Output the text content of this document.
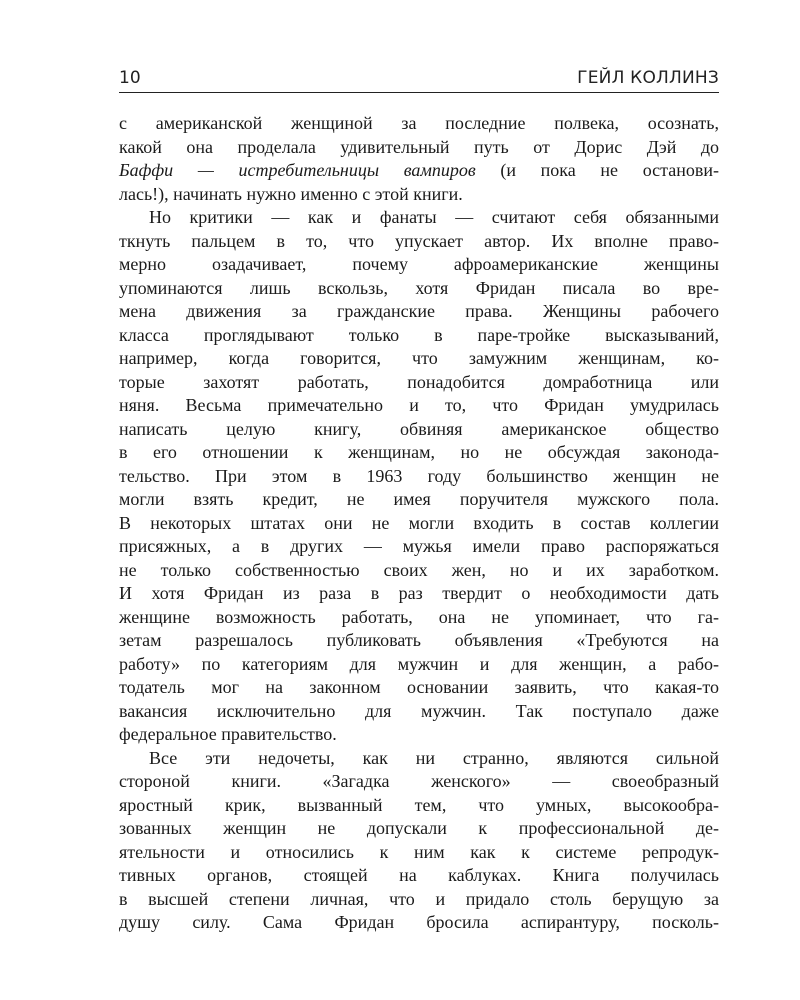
10	ГЕЙЛ КОЛЛИНЗ

с американской женщиной за последние полвека, осознать,

какой она проделала удивительный путь от Дорис Дэй до

Баффи — истребительницы вампиров (и пока не останови-

лась!), начинать нужно именно с этой книги.

Но критики — как и фанаты — считают себя обязанными

ткнуть пальцем в то, что упускает автор. Их вполне право-

мерно озадачивает, почему афроамериканские женщины

упоминаются лишь вскользь, хотя Фридан писала во вре-

мена движения за гражданские права. Женщины рабочего

класса проглядывают только в паре-тройке высказываний,

например, когда говорится, что замужним женщинам, ко-

торые захотят работать, понадобится домработница или

няня. Весьма примечательно и то, что Фридан умудрилась

написать целую книгу, обвиняя американское общество

в его отношении к женщинам, но не обсуждая законода-

тельство. При этом в 1963 году большинство женщин не

могли взять кредит, не имея поручителя мужского пола.

В некоторых штатах они не могли входить в состав коллегии

присяжных, а в других — мужья имели право распоряжаться

не только собственностью своих жен, но и их заработком.

И хотя Фридан из раза в раз твердит о необходимости дать

женщине возможность работать, она не упоминает, что га-

зетам разрешалось публиковать объявления «Требуются на

работу» по категориям для мужчин и для женщин, а рабо-

тодатель мог на законном основании заявить, что какая-то

вакансия исключительно для мужчин. Так поступало даже

федеральное правительство.

Все эти недочеты, как ни странно, являются сильной

стороной книги. «Загадка женского» — своеобразный

яростный крик, вызванный тем, что умных, высокообра-

зованных женщин не допускали к профессиональной де-

ятельности и относились к ним как к системе репродук-

тивных органов, стоящей на каблуках. Книга получилась

в высшей степени личная, что и придало столь берущую за

душу силу. Сама Фридан бросила аспирантуру, посколь-
